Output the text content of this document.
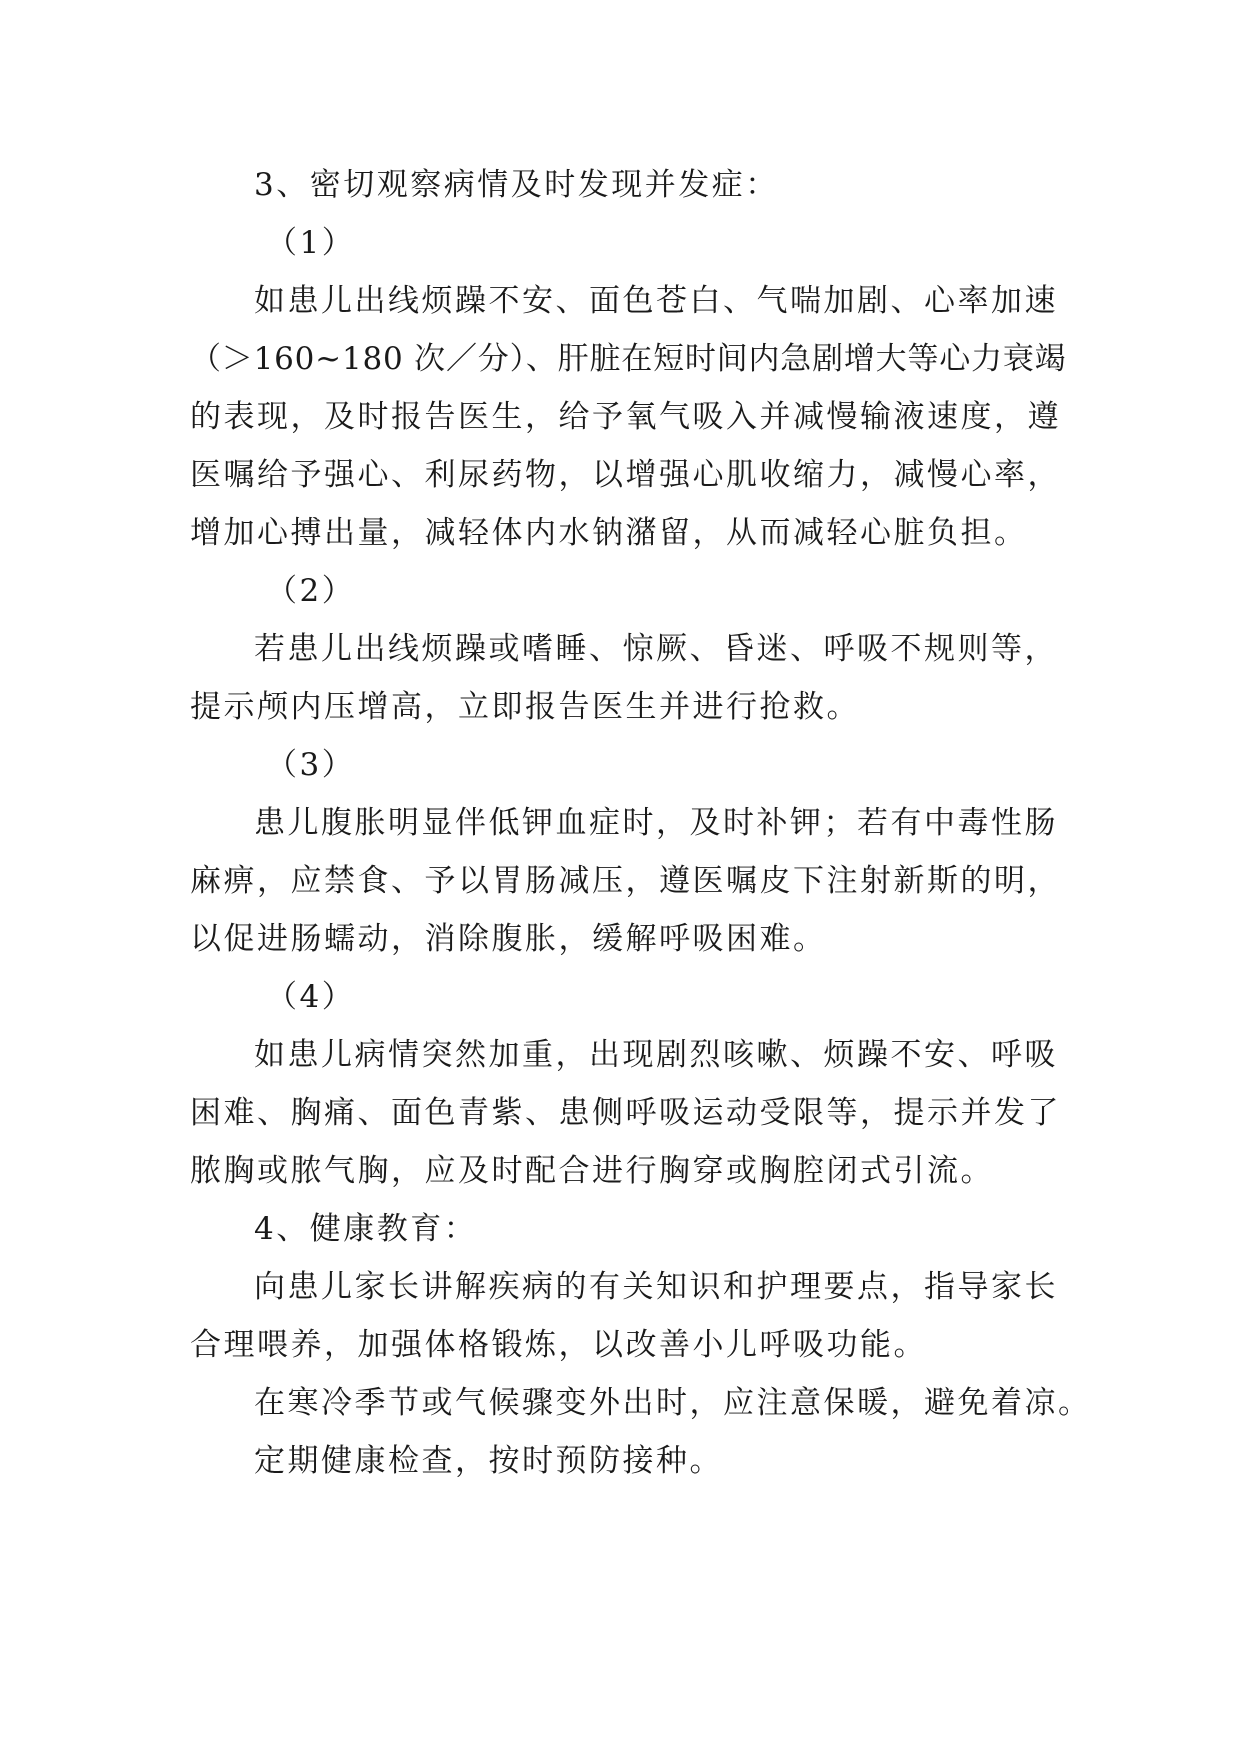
3、密切观察病情及时发现并发症：
（1）
如患儿出线烦躁不安、面色苍白、气喘加剧、心率加速
（＞160~180 次／分）、肝脏在短时间内急剧增大等心力衰竭
的表现，及时报告医生，给予氧气吸入并减慢输液速度，遵
医嘱给予强心、利尿药物，以增强心肌收缩力，减慢心率，
增加心搏出量，减轻体内水钠潴留，从而减轻心脏负担。
（2）
若患儿出线烦躁或嗜睡、惊厥、昏迷、呼吸不规则等，
提示颅内压增高，立即报告医生并进行抢救。
（3）
患儿腹胀明显伴低钾血症时，及时补钾；若有中毒性肠
麻痹，应禁食、予以胃肠减压，遵医嘱皮下注射新斯的明，
以促进肠蠕动，消除腹胀，缓解呼吸困难。
（4）
如患儿病情突然加重，出现剧烈咳嗽、烦躁不安、呼吸
困难、胸痛、面色青紫、患侧呼吸运动受限等，提示并发了
脓胸或脓气胸，应及时配合进行胸穿或胸腔闭式引流。
4、健康教育：
向患儿家长讲解疾病的有关知识和护理要点，指导家长
合理喂养，加强体格锻炼，以改善小儿呼吸功能。
在寒冷季节或气候骤变外出时，应注意保暖，避免着凉。
定期健康检查，按时预防接种。
